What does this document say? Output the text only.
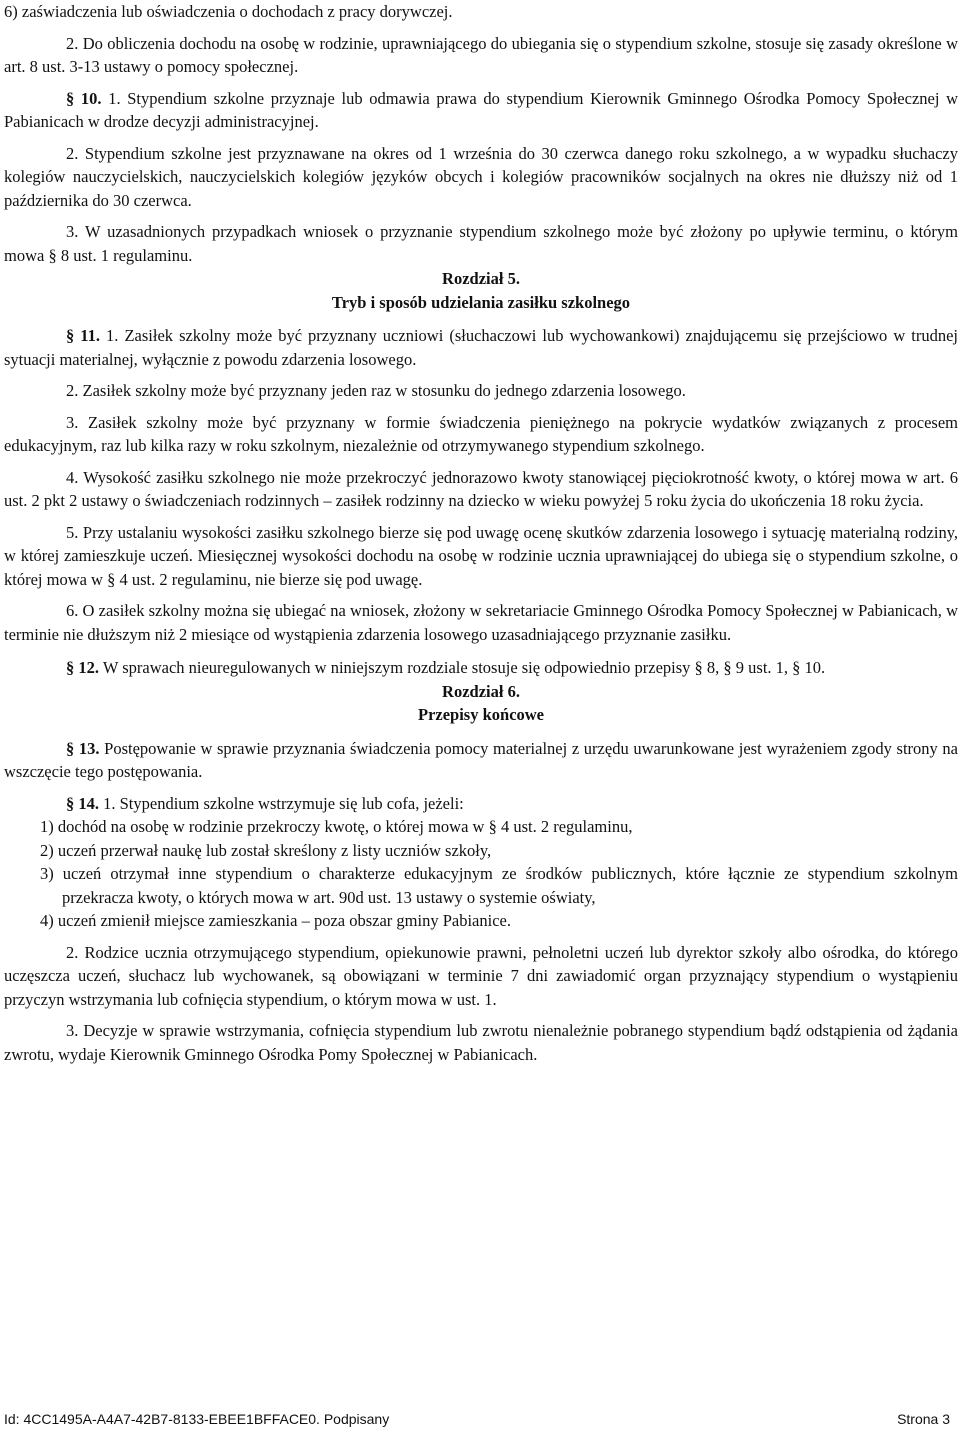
6) zaświadczenia lub oświadczenia o dochodach z pracy dorywczej.

2. Do obliczenia dochodu na osobę w rodzinie, uprawniającego do ubiegania się o stypendium szkolne, stosuje się zasady określone w art. 8 ust. 3-13 ustawy o pomocy społecznej.

§ 10. 1. Stypendium szkolne przyznaje lub odmawia prawa do stypendium Kierownik Gminnego Ośrodka Pomocy Społecznej w Pabianicach w drodze decyzji administracyjnej.

2. Stypendium szkolne jest przyznawane na okres od 1 września do 30 czerwca danego roku szkolnego, a w wypadku słuchaczy kolegiów nauczycielskich, nauczycielskich kolegiów języków obcych i kolegiów pracowników socjalnych na okres nie dłuższy niż od 1 października do 30 czerwca.

3. W uzasadnionych przypadkach wniosek o przyznanie stypendium szkolnego może być złożony po upływie terminu, o którym mowa § 8 ust. 1 regulaminu.

Rozdział 5.

Tryb i sposób udzielania zasiłku szkolnego

§ 11. 1. Zasiłek szkolny może być przyznany uczniowi (słuchaczowi lub wychowankowi) znajdującemu się przejściowo w trudnej sytuacji materialnej, wyłącznie z powodu zdarzenia losowego.

2. Zasiłek szkolny może być przyznany jeden raz w stosunku do jednego zdarzenia losowego.

3. Zasiłek szkolny może być przyznany w formie świadczenia pieniężnego na pokrycie wydatków związanych z procesem edukacyjnym, raz lub kilka razy w roku szkolnym, niezależnie od otrzymywanego stypendium szkolnego.

4. Wysokość zasiłku szkolnego nie może przekroczyć jednorazowo kwoty stanowiącej pięciokrotność kwoty, o której mowa w art. 6 ust. 2 pkt 2 ustawy o świadczeniach rodzinnych – zasiłek rodzinny na dziecko w wieku powyżej 5 roku życia do ukończenia 18 roku życia.

5. Przy ustalaniu wysokości zasiłku szkolnego bierze się pod uwagę ocenę skutków zdarzenia losowego i sytuację materialną rodziny, w której zamieszkuje uczeń. Miesięcznej wysokości dochodu na osobę w rodzinie ucznia uprawniającej do ubiega się o stypendium szkolne, o której mowa w § 4 ust. 2 regulaminu, nie bierze się pod uwagę.

6. O zasiłek szkolny można się ubiegać na wniosek, złożony w sekretariacie Gminnego Ośrodka Pomocy Społecznej w Pabianicach, w terminie nie dłuższym niż 2 miesiące od wystąpienia zdarzenia losowego uzasadniającego przyznanie zasiłku.

§ 12. W sprawach nieuregulowanych w niniejszym rozdziale stosuje się odpowiednio przepisy § 8, § 9 ust. 1, § 10.

Rozdział 6.

Przepisy końcowe

§ 13. Postępowanie w sprawie przyznania świadczenia pomocy materialnej z urzędu uwarunkowane jest wyrażeniem zgody strony na wszczęcie tego postępowania.

§ 14. 1. Stypendium szkolne wstrzymuje się lub cofa, jeżeli:

1) dochód na osobę w rodzinie przekroczy kwotę, o której mowa w § 4 ust. 2 regulaminu,

2) uczeń przerwał naukę lub został skreślony z listy uczniów szkoły,

3) uczeń otrzymał inne stypendium o charakterze edukacyjnym ze środków publicznych, które łącznie ze stypendium szkolnym przekracza kwoty, o których mowa w art. 90d ust. 13 ustawy o systemie oświaty,

4) uczeń zmienił miejsce zamieszkania – poza obszar gminy Pabianice.

2. Rodzice ucznia otrzymującego stypendium, opiekunowie prawni, pełnoletni uczeń lub dyrektor szkoły albo ośrodka, do którego uczęszcza uczeń, słuchacz lub wychowanek, są obowiązani w terminie 7 dni zawiadomić organ przyznający stypendium o wystąpieniu przyczyn wstrzymania lub cofnięcia stypendium, o którym mowa w ust. 1.

3. Decyzje w sprawie wstrzymania, cofnięcia stypendium lub zwrotu nienależnie pobranego stypendium bądź odstąpienia od żądania zwrotu, wydaje Kierownik Gminnego Ośrodka Pomy Społecznej w Pabianicach.

Id: 4CC1495A-A4A7-42B7-8133-EBEE1BFFACE0. Podpisany	Strona 3
